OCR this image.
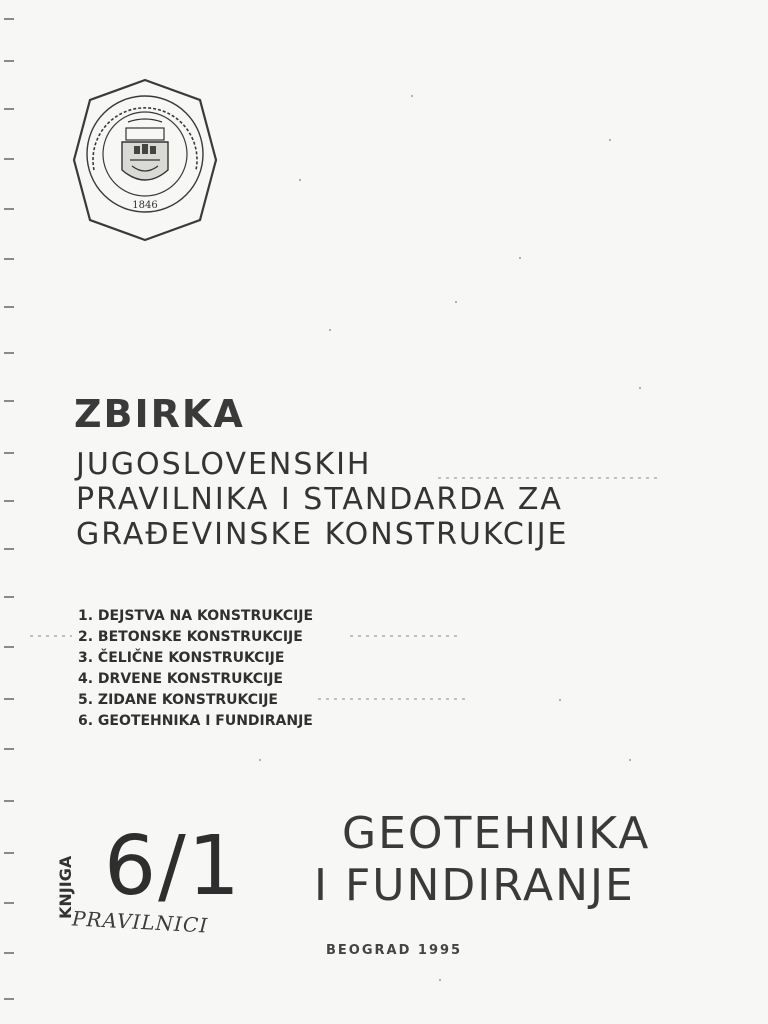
1846
ZBIRKA
JUGOSLOVENSKIH
PRAVILNIKA I STANDARDA ZA
GRAĐEVINSKE KONSTRUKCIJE
1. DEJSTVA NA KONSTRUKCIJE
2. BETONSKE KONSTRUKCIJE
3. ČELIČNE KONSTRUKCIJE
4. DRVENE KONSTRUKCIJE
5. ZIDANE KONSTRUKCIJE
6. GEOTEHNIKA I FUNDIRANJE
KNJIGA 6/1
PRAVILNICI
GEOTEHNIKA
I FUNDIRANJE
BEOGRAD 1995
